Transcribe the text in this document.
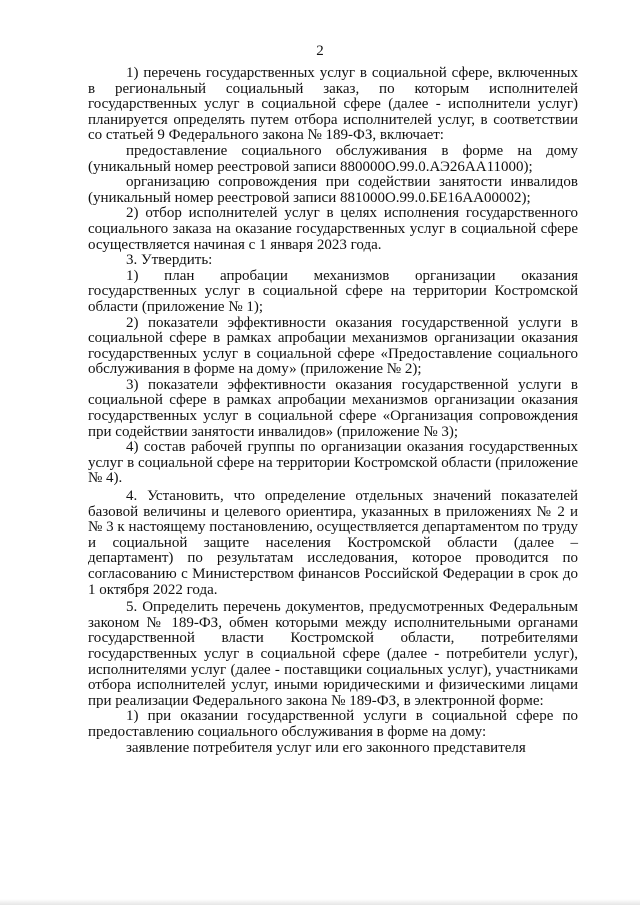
2

1) перечень государственных услуг в социальной сфере, включенных в региональный социальный заказ, по которым исполнителей государственных услуг в социальной сфере (далее - исполнители услуг) планируется определять путем отбора исполнителей услуг, в соответствии со статьей 9 Федерального закона № 189-ФЗ, включает:

предоставление социального обслуживания в форме на дому (уникальный номер реестровой записи 880000О.99.0.АЭ26АА11000);

организацию сопровождения при содействии занятости инвалидов (уникальный номер реестровой записи 881000О.99.0.БЕ16АА00002);

2) отбор исполнителей услуг в целях исполнения государственного социального заказа на оказание государственных услуг в социальной сфере осуществляется начиная с 1 января 2023 года.

3. Утвердить:

1) план апробации механизмов организации оказания государственных услуг в социальной сфере на территории Костромской области (приложение № 1);

2) показатели эффективности оказания государственной услуги в социальной сфере в рамках апробации механизмов организации оказания государственных услуг в социальной сфере «Предоставление социального обслуживания в форме на дому» (приложение № 2);

3) показатели эффективности оказания государственной услуги в социальной сфере в рамках апробации механизмов организации оказания государственных услуг в социальной сфере «Организация сопровождения при содействии занятости инвалидов» (приложение № 3);

4) состав рабочей группы по организации оказания государственных услуг в социальной сфере на территории Костромской области (приложение № 4).

4. Установить, что определение отдельных значений показателей базовой величины и целевого ориентира, указанных в приложениях № 2 и № 3 к настоящему постановлению, осуществляется департаментом по труду и социальной защите населения Костромской области (далее – департамент) по результатам исследования, которое проводится по согласованию с Министерством финансов Российской Федерации в срок до 1 октября 2022 года.

5. Определить перечень документов, предусмотренных Федеральным законом № 189-ФЗ, обмен которыми между исполнительными органами государственной власти Костромской области, потребителями государственных услуг в социальной сфере (далее - потребители услуг), исполнителями услуг (далее - поставщики социальных услуг), участниками отбора исполнителей услуг, иными юридическими и физическими лицами при реализации Федерального закона № 189-ФЗ, в электронной форме:

1) при оказании государственной услуги в социальной сфере по предоставлению социального обслуживания в форме на дому:

заявление потребителя услуг или его законного представителя
